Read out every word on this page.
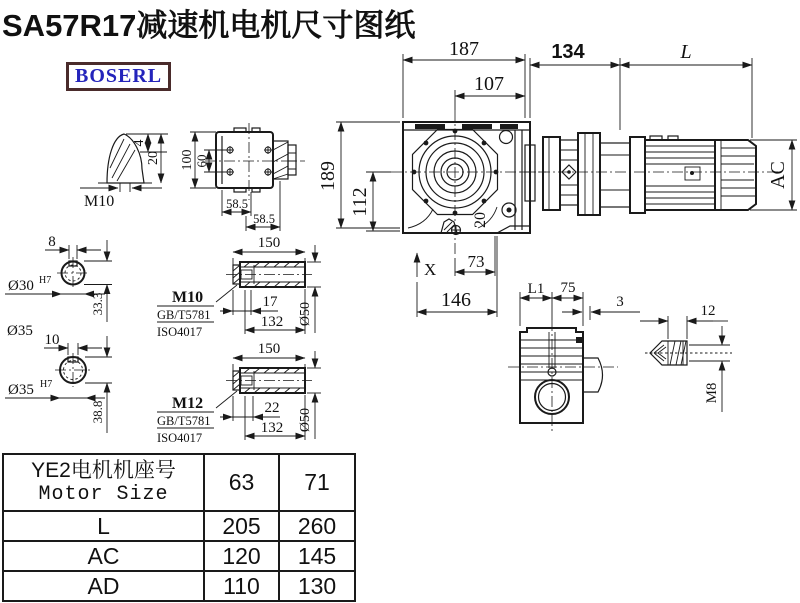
SA57R17减速机电机尺寸图纸
BOSERL
M10
4
20 100 60
58.5
58.5
8
Ø30 H7
33.3
Ø35
10
Ø35 H7
38.8
150
M10
GB/T5781
ISO4017
17
132 Ø50
150
M12
GB/T5781
ISO4017
22
132 Ø50
187
107
189
112
20
X 73
146
134	L
AC
L1 75
3
12
M8
YE2电机机座号
Motor Size	63	71
L	205	260
AC	120	145
AD	110	130
